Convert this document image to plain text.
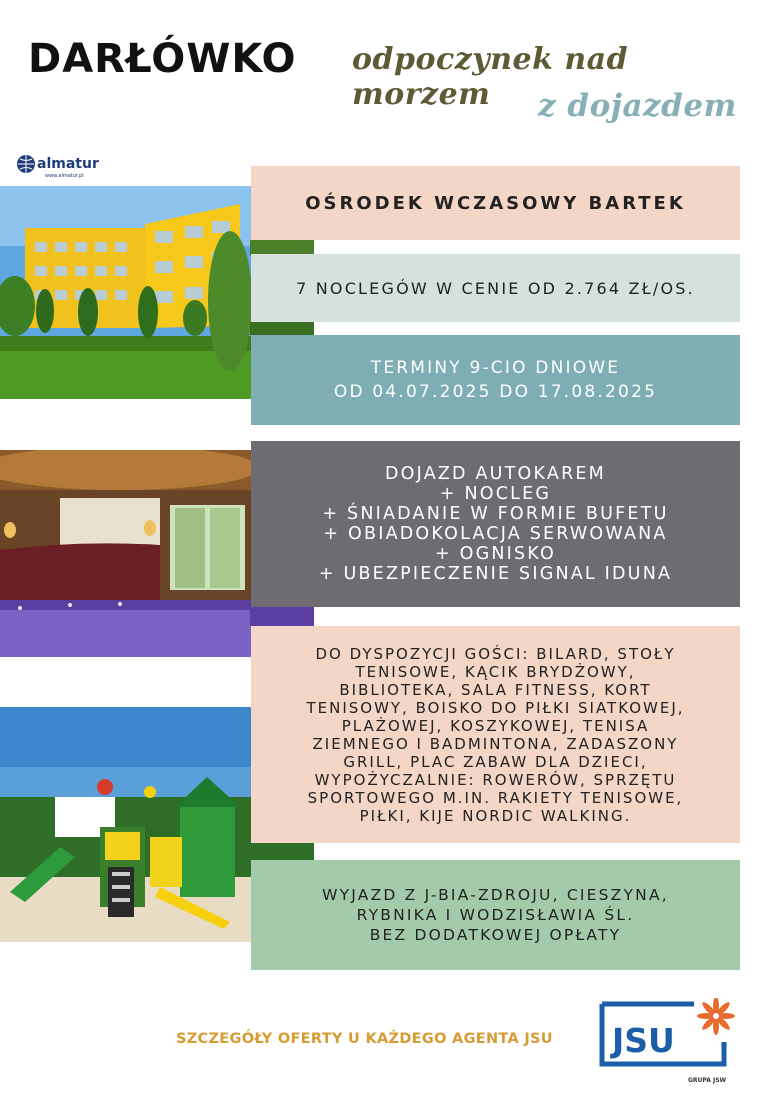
DARŁÓWKO odpoczynek nad morzem	z dojazdem
almatur
www.almatur.pl
OŚRODEK WCZASOWY BARTEK
7 NOCLEGÓW W CENIE OD 2.764 ZŁ/OS.
TERMINY 9-CIO DNIOWE
OD 04.07.2025 DO 17.08.2025
DOJAZD AUTOKAREM
+ NOCLEG
+ ŚNIADANIE W FORMIE BUFETU
+ OBIADOKOLACJA SERWOWANA
+ OGNISKO
+ UBEZPIECZENIE SIGNAL IDUNA
DO DYSPOZYCJI GOŚCI: BILARD, STOŁY
TENISOWE, KĄCIK BRYDŻOWY,
BIBLIOTEKA, SALA FITNESS, KORT
TENISOWY, BOISKO DO PIŁKI SIATKOWEJ,
PLAŻOWEJ, KOSZYKOWEJ, TENISA
ZIEMNEGO I BADMINTONA, ZADASZONY
GRILL, PLAC ZABAW DLA DZIECI,
WYPOŻYCZALNIE: ROWERÓW, SPRZĘTU
SPORTOWEGO M.IN. RAKIETY TENISOWE,
PIŁKI, KIJE NORDIC WALKING.
WYJAZD Z J-BIA-ZDROJU, CIESZYNA,
RYBNIKA I WODZISŁAWIA ŚL.
BEZ DODATKOWEJ OPŁATY
SZCZEGÓŁY OFERTY U KAŻDEGO AGENTA JSU JSU
GRUPA JSW
